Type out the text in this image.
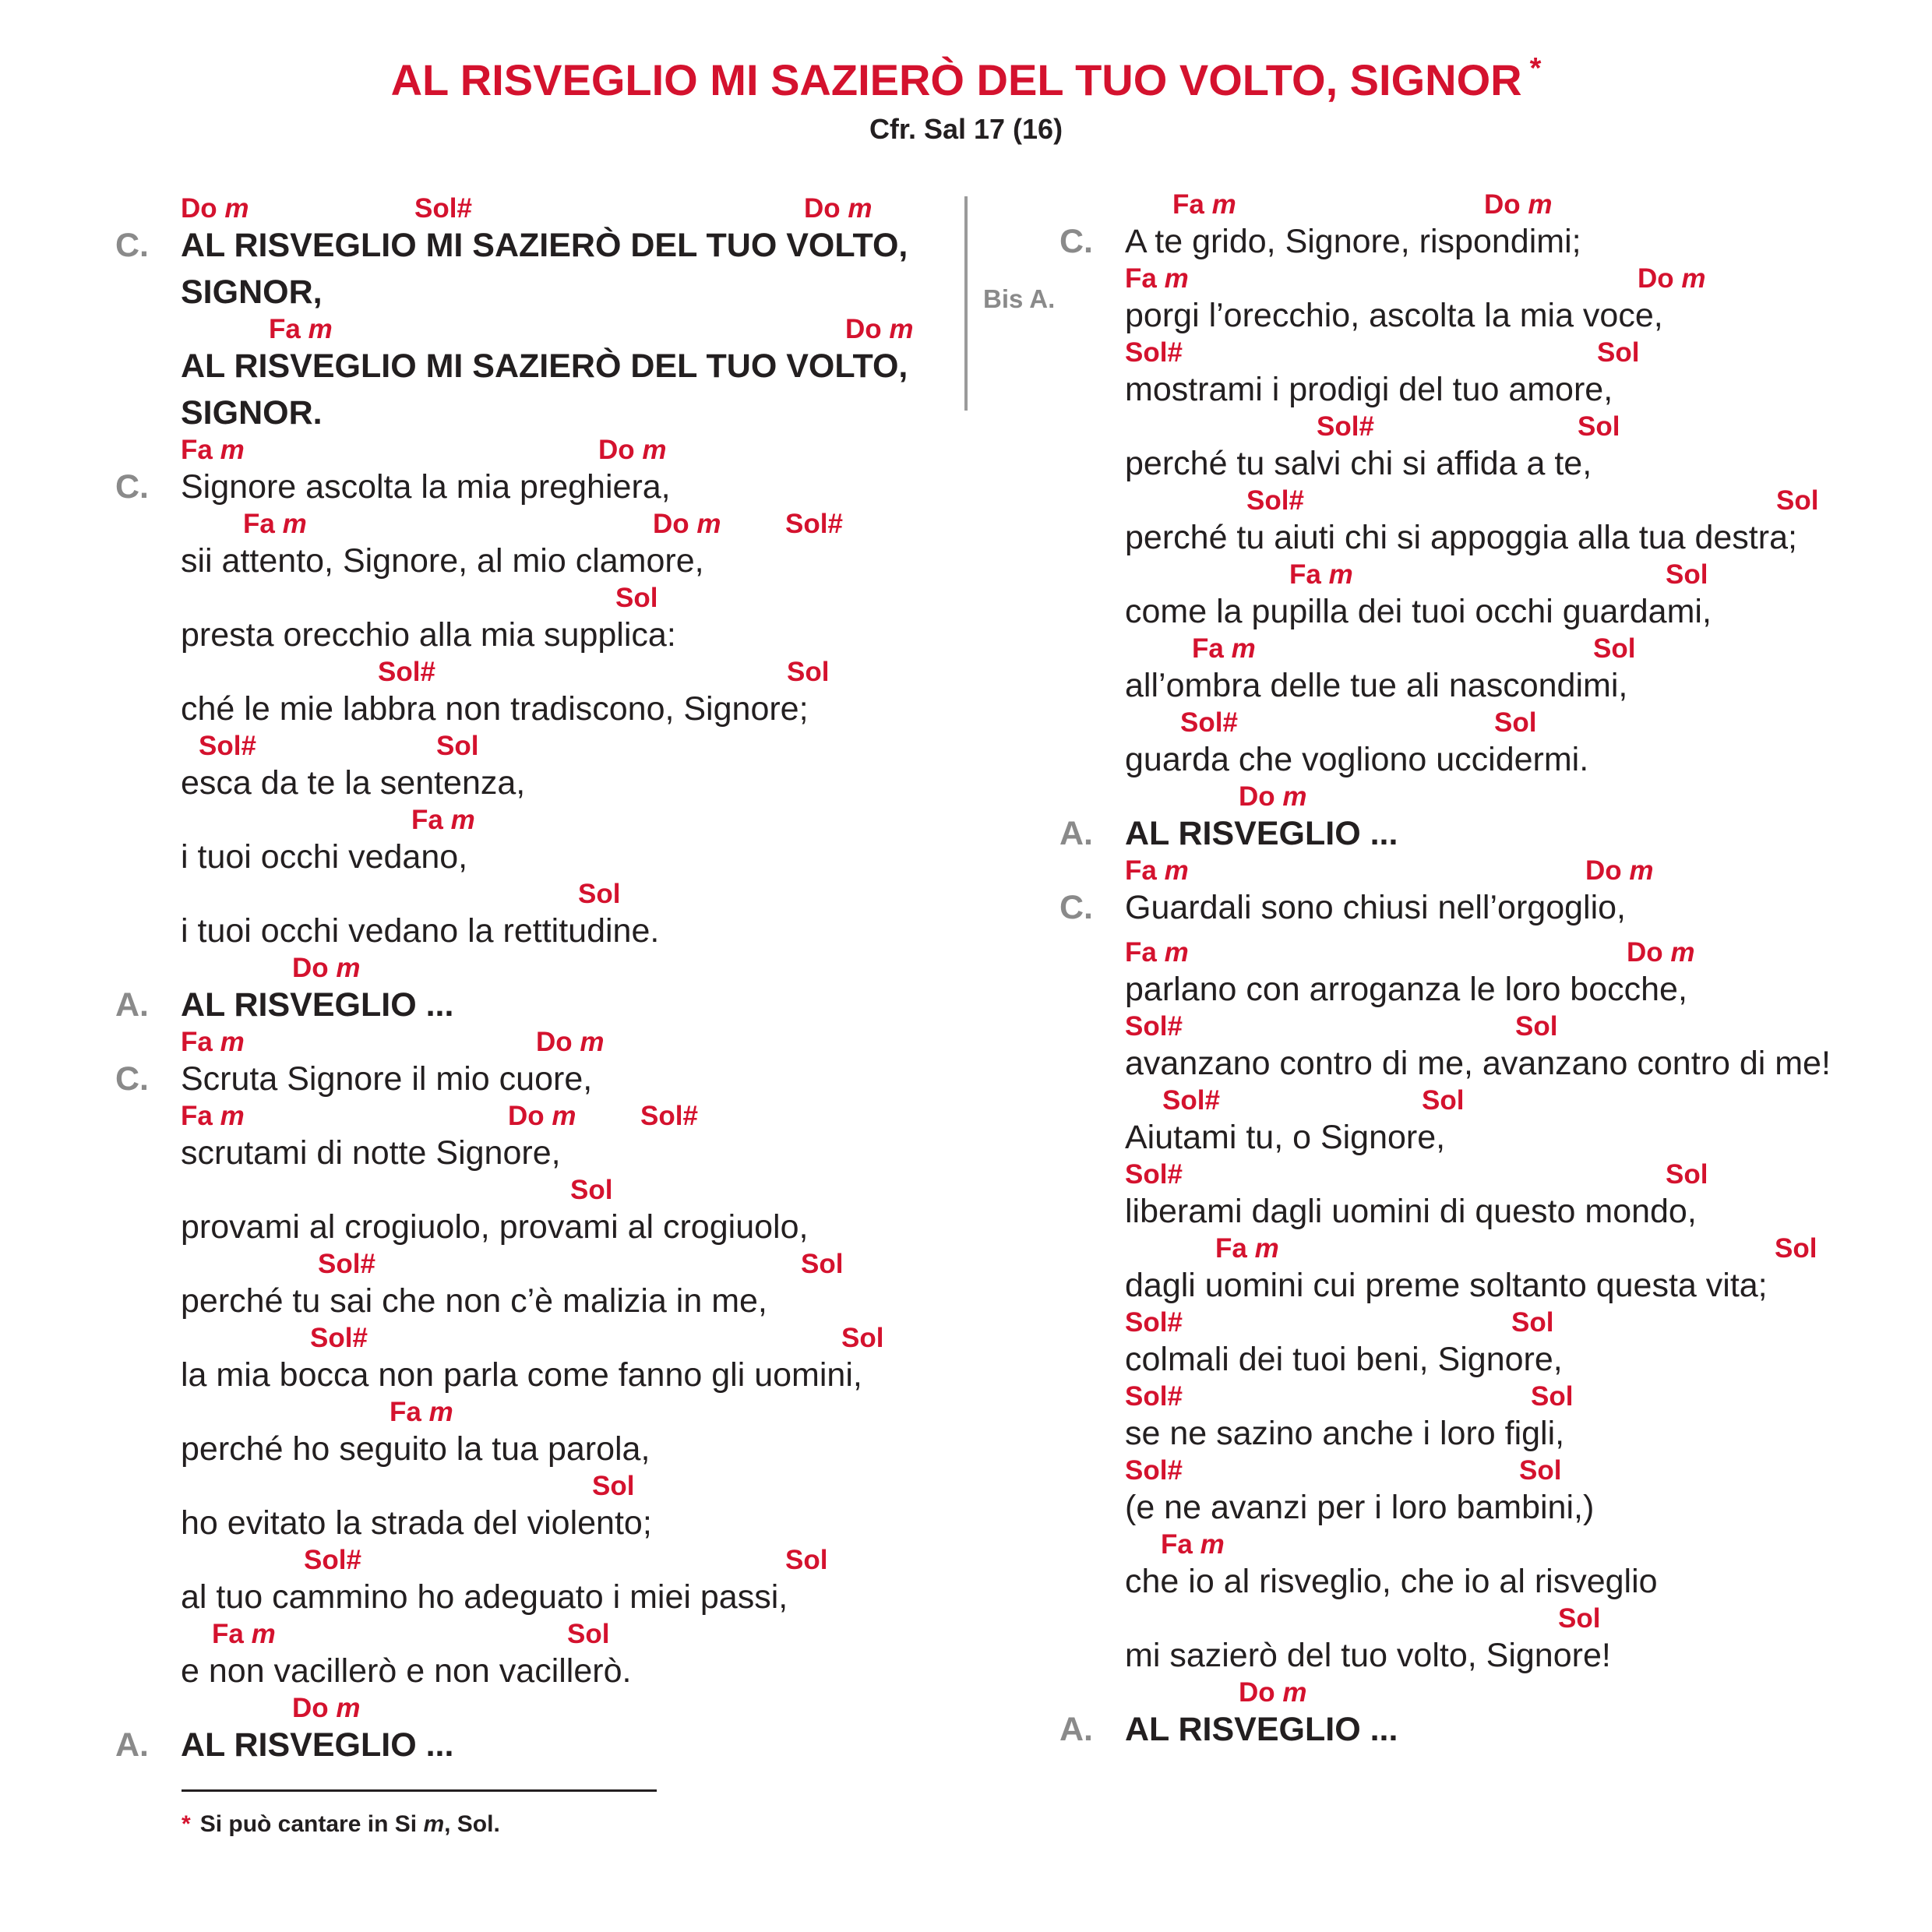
AL RISVEGLIO MI SAZIERÒ DEL TUO VOLTO, SIGNOR *
Cfr. Sal 17 (16)
C. AL RISVEGLIO MI SAZIERÒ DEL TUO VOLTO,
Do m	Sol#	Do m
SIGNOR,
AL RISVEGLIO MI SAZIERÒ DEL TUO VOLTO,
Fa m	Do m
SIGNOR.
C. Signore ascolta la mia preghiera,
Fa m	Do m
sii attento, Signore, al mio clamore,
Fa m	Do m Sol#
presta orecchio alla mia supplica:
Sol
ché le mie labbra non tradiscono, Signore;
Sol#	Sol
esca da te la sentenza,
Sol#	Sol
i tuoi occhi vedano,
Fa m
i tuoi occhi vedano la rettitudine.
Sol
A. AL RISVEGLIO ...
Do m
C. Scruta Signore il mio cuore,
Fa m	Do m
scrutami di notte Signore,
Fa m	Do m Sol#
provami al crogiuolo, provami al crogiuolo,
Sol
perché tu sai che non c’è malizia in me,
Sol#	Sol
la mia bocca non parla come fanno gli uomini,
Sol#	Sol
perché ho seguito la tua parola,
Fa m
ho evitato la strada del violento;
Sol
al tuo cammino ho adeguato i miei passi,
Sol#	Sol
e non vacillerò e non vacillerò.
Fa m	Sol
A. AL RISVEGLIO ...
Do m
Bis A.
C. A te grido, Signore, rispondimi;
Fa m	Do m
porgi l’orecchio, ascolta la mia voce,
Fa m	Do m
mostrami i prodigi del tuo amore,
Sol#	Sol
perché tu salvi chi si affida a te,
Sol#	Sol
perché tu aiuti chi si appoggia alla tua destra;
Sol#	Sol
come la pupilla dei tuoi occhi guardami,
Fa m	Sol
all’ombra delle tue ali nascondimi,
Fa m	Sol
guarda che vogliono uccidermi.
Sol#	Sol
A. AL RISVEGLIO ...
Do m
C. Guardali sono chiusi nell’orgoglio,
Fa m	Do m
parlano con arroganza le loro bocche,
Fa m	Do m
avanzano contro di me, avanzano contro di me!
Sol#	Sol
Aiutami tu, o Signore,
Sol#	Sol
liberami dagli uomini di questo mondo,
Sol#	Sol
dagli uomini cui preme soltanto questa vita;
Fa m	Sol
colmali dei tuoi beni, Signore,
Sol#	Sol
se ne sazino anche i loro figli,
Sol#	Sol
(e ne avanzi per i loro bambini,)
Sol#	Sol
che io al risveglio, che io al risveglio
Fa m
mi sazierò del tuo volto, Signore!
Sol
A. AL RISVEGLIO ...
Do m
* Si può cantare in Si m, Sol.
